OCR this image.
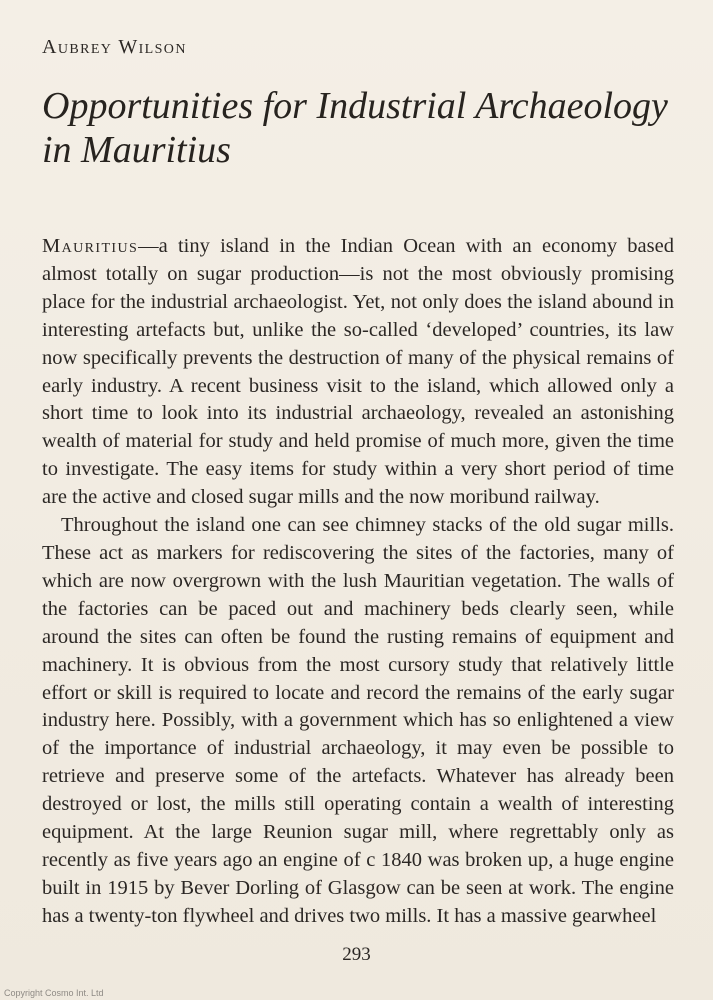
Aubrey Wilson
Opportunities for Industrial Archaeology in Mauritius

Mauritius—a tiny island in the Indian Ocean with an economy based almost totally on sugar production—is not the most obviously promising place for the industrial archaeologist. Yet, not only does the island abound in interesting artefacts but, unlike the so-called ‘developed’ countries, its law now specifically prevents the destruction of many of the physical remains of early industry. A recent business visit to the island, which allowed only a short time to look into its industrial archaeology, revealed an astonishing wealth of material for study and held promise of much more, given the time to investigate. The easy items for study within a very short period of time are the active and closed sugar mills and the now moribund railway.

Throughout the island one can see chimney stacks of the old sugar mills. These act as markers for rediscovering the sites of the factories, many of which are now overgrown with the lush Mauritian vegetation. The walls of the factories can be paced out and machinery beds clearly seen, while around the sites can often be found the rusting remains of equipment and machinery. It is obvious from the most cursory study that relatively little effort or skill is required to locate and record the remains of the early sugar industry here. Possibly, with a government which has so enlightened a view of the importance of industrial archaeology, it may even be possible to retrieve and preserve some of the artefacts. Whatever has already been destroyed or lost, the mills still operating contain a wealth of interesting equipment. At the large Reunion sugar mill, where regrettably only as recently as five years ago an engine of c 1840 was broken up, a huge engine built in 1915 by Bever Dorling of Glasgow can be seen at work. The engine has a twenty-ton flywheel and drives two mills. It has a massive gearwheel

293
Copyright Cosmo Int. Ltd
